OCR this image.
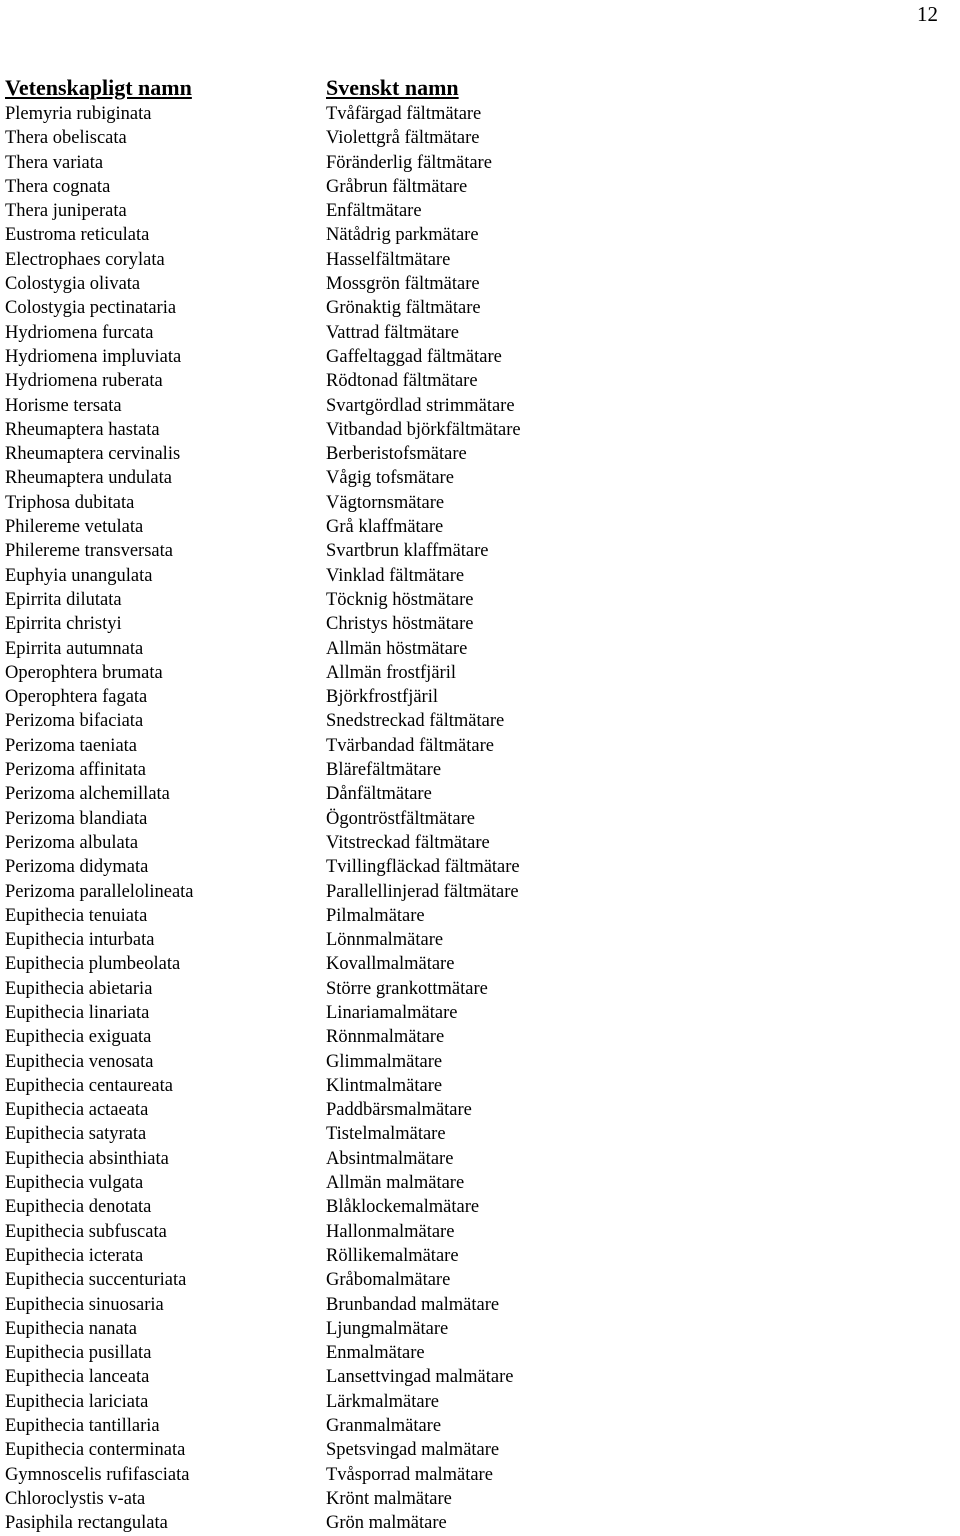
12
Vetenskapligt namn
Plemyria rubiginata
Thera obeliscata
Thera variata
Thera cognata
Thera juniperata
Eustroma reticulata
Electrophaes corylata
Colostygia olivata
Colostygia pectinataria
Hydriomena furcata
Hydriomena impluviata
Hydriomena ruberata
Horisme tersata
Rheumaptera hastata
Rheumaptera cervinalis
Rheumaptera undulata
Triphosa dubitata
Philereme vetulata
Philereme transversata
Euphyia unangulata
Epirrita dilutata
Epirrita christyi
Epirrita autumnata
Operophtera brumata
Operophtera fagata
Perizoma bifaciata
Perizoma taeniata
Perizoma affinitata
Perizoma alchemillata
Perizoma blandiata
Perizoma albulata
Perizoma didymata
Perizoma parallelolineata
Eupithecia tenuiata
Eupithecia inturbata
Eupithecia plumbeolata
Eupithecia abietaria
Eupithecia linariata
Eupithecia exiguata
Eupithecia venosata
Eupithecia centaureata
Eupithecia actaeata
Eupithecia satyrata
Eupithecia absinthiata
Eupithecia vulgata
Eupithecia denotata
Eupithecia subfuscata
Eupithecia icterata
Eupithecia succenturiata
Eupithecia sinuosaria
Eupithecia nanata
Eupithecia pusillata
Eupithecia lanceata
Eupithecia lariciata
Eupithecia tantillaria
Eupithecia conterminata
Gymnoscelis rufifasciata
Chloroclystis v-ata
Pasiphila rectangulata
Svenskt namn
Tvåfärgad fältmätare
Violettgrå fältmätare
Föränderlig fältmätare
Gråbrun fältmätare
Enfältmätare
Nätådrig parkmätare
Hasselfältmätare
Mossgrön fältmätare
Grönaktig fältmätare
Vattrad fältmätare
Gaffeltaggad fältmätare
Rödtonad fältmätare
Svartgördlad strimmätare
Vitbandad björkfältmätare
Berberistofsmätare
Vågig tofsmätare
Vägtornsmätare
Grå klaffmätare
Svartbrun klaffmätare
Vinklad fältmätare
Töcknig höstmätare
Christys höstmätare
Allmän höstmätare
Allmän frostfjäril
Björkfrostfjäril
Snedstreckad fältmätare
Tvärbandad fältmätare
Blärefältmätare
Dånfältmätare
Ögontröstfältmätare
Vitstreckad fältmätare
Tvillingfläckad fältmätare
Parallellinjerad fältmätare
Pilmalmätare
Lönnmalmätare
Kovallmalmätare
Större grankottmätare
Linariamalmätare
Rönnmalmätare
Glimmalmätare
Klintmalmätare
Paddbärsmalmätare
Tistelmalmätare
Absintmalmätare
Allmän malmätare
Blåklockemalmätare
Hallonmalmätare
Röllikemalmätare
Gråbomalmätare
Brunbandad malmätare
Ljungmalmätare
Enmalmätare
Lansettvingad malmätare
Lärkmalmätare
Granmalmätare
Spetsvingad malmätare
Tvåsporrad malmätare
Krönt malmätare
Grön malmätare
